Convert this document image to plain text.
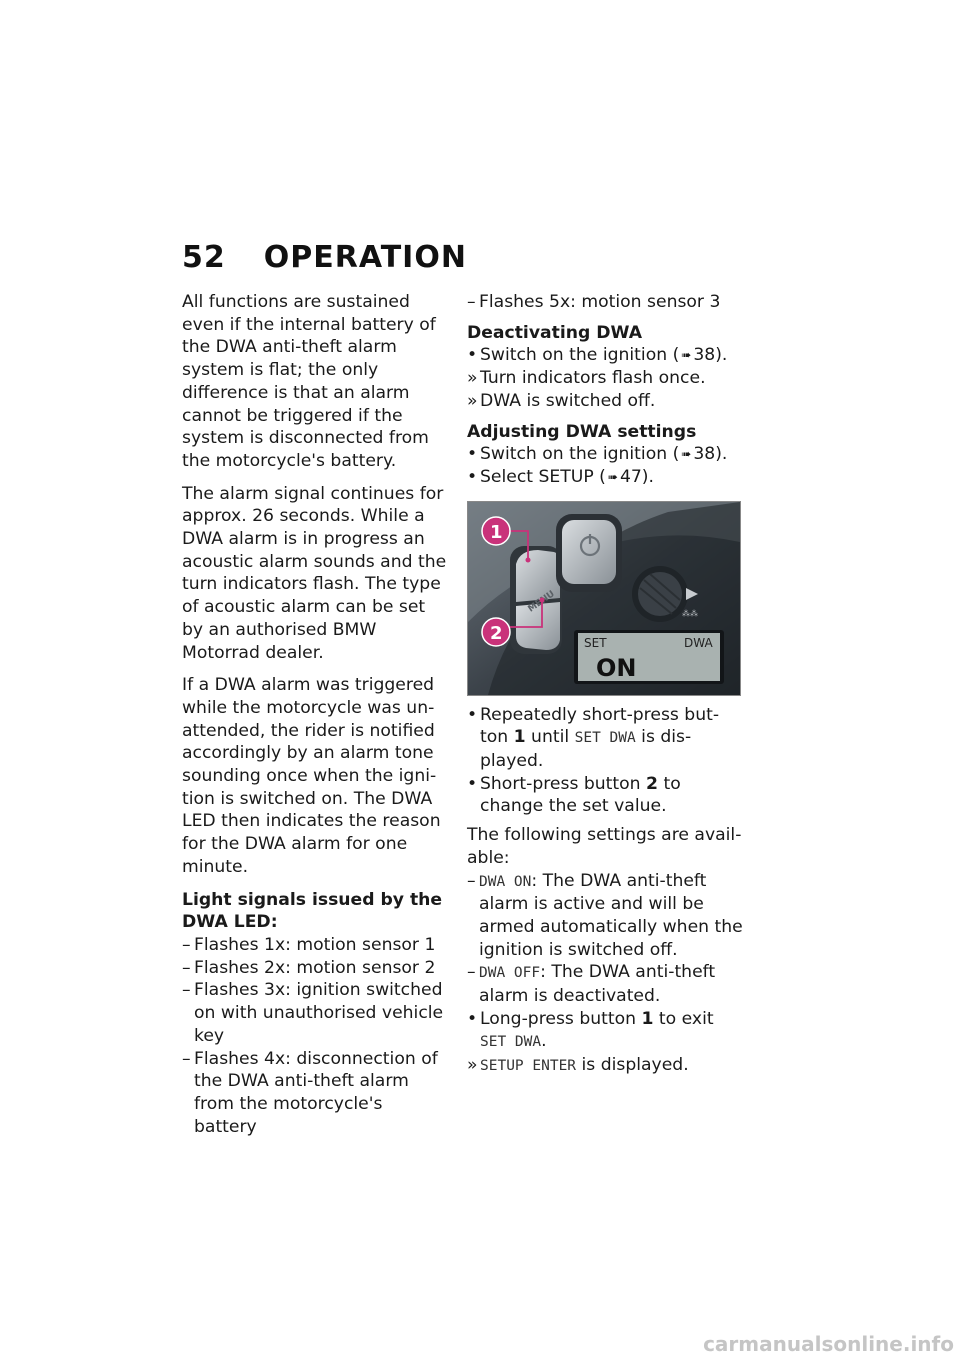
52 OPERATION

All functions are sustained even if the internal battery of the DWA anti-theft alarm system is flat; the only difference is that an alarm cannot be triggered if the system is disconnected from the motorcycle's battery.

The alarm signal continues for approx. 26 seconds. While a DWA alarm is in progress an acoustic alarm sounds and the turn indicators flash. The type of acoustic alarm can be set by an authorised BMW Motorrad dealer.

If a DWA alarm was triggered while the motorcycle was un-attended, the rider is notified accordingly by an alarm tone sounding once when the igni-tion is switched on. The DWA LED then indicates the reason for the DWA alarm for one minute.

Light signals issued by the DWA LED:

– Flashes 1x: motion sensor 1
– Flashes 2x: motion sensor 2
– Flashes 3x: ignition switched on with unauthorised vehicle key
– Flashes 4x: disconnection of the DWA anti-theft alarm from the motorcycle's battery
– Flashes 5x: motion sensor 3

Deactivating DWA

• Switch on the ignition ( ➠ 38).
» Turn indicators flash once.
» DWA is switched off.

Adjusting DWA settings

• Switch on the ignition ( ➠ 38).
• Select SETUP ( ➠ 47).
⁂⁂
SET	DWA
ON
1
2
• Repeatedly short-press but-ton 1 until SET DWA is dis-played.
• Short-press button 2 to change the set value.

The following settings are avail-able:

– DWA ON: The DWA anti-theft alarm is active and will be armed automatically when the ignition is switched off.
– DWA OFF: The DWA anti-theft alarm is deactivated.
• Long-press button 1 to exit SET DWA.
» SETUP ENTER is displayed.
carmanualsonline.info
